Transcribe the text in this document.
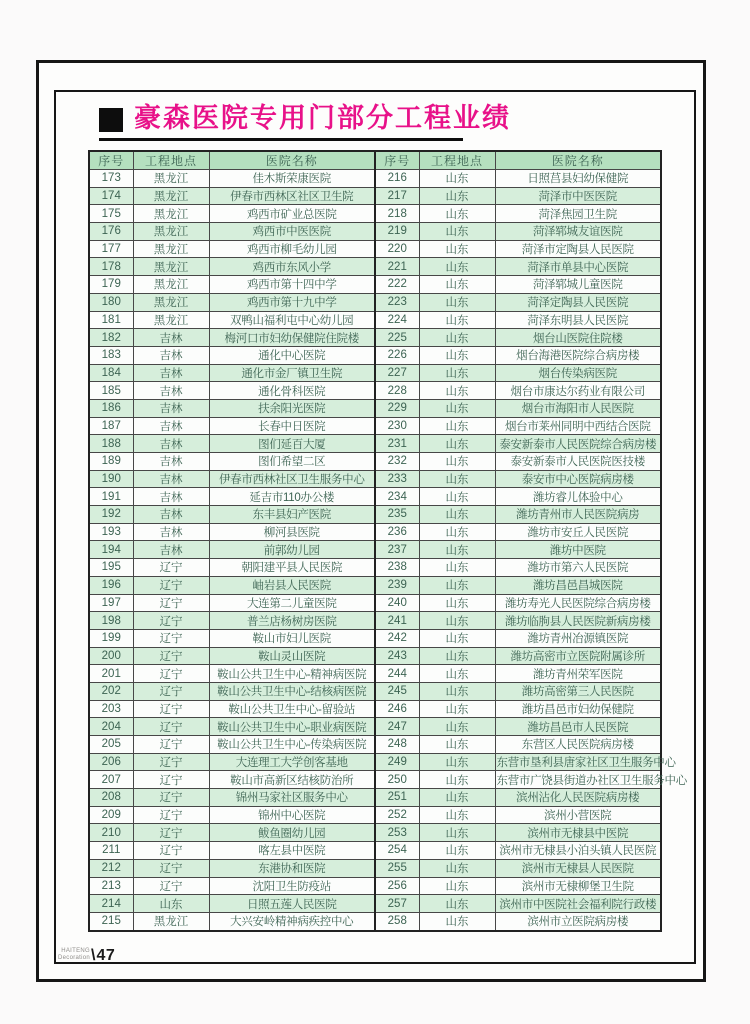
豪森医院专用门部分工程业绩
序号	工程地点	医院名称	序号	工程地点	医院名称
173	黑龙江	佳木斯荣康医院	216	山东	日照莒县妇幼保健院
174	黑龙江	伊春市西林区社区卫生院	217	山东	菏泽市中医医院
175	黑龙江	鸡西市矿业总医院	218	山东	菏泽焦园卫生院
176	黑龙江	鸡西市中医医院	219	山东	菏泽郓城友谊医院
177	黑龙江	鸡西市柳毛幼儿园	220	山东	菏泽市定陶县人民医院
178	黑龙江	鸡西市东风小学	221	山东	菏泽市单县中心医院
179	黑龙江	鸡西市第十四中学	222	山东	菏泽郓城儿童医院
180	黑龙江	鸡西市第十九中学	223	山东	菏泽定陶县人民医院
181	黑龙江	双鸭山福利屯中心幼儿园	224	山东	菏泽东明县人民医院
182	吉林	梅河口市妇幼保健院住院楼	225	山东	烟台山医院住院楼
183	吉林	通化中心医院	226	山东	烟台海港医院综合病房楼
184	吉林	通化市金厂镇卫生院	227	山东	烟台传染病医院
185	吉林	通化骨科医院	228	山东	烟台市康达尔药业有限公司
186	吉林	扶余阳光医院	229	山东	烟台市海阳市人民医院
187	吉林	长春中日医院	230	山东	烟台市莱州同明中西结合医院
188	吉林	图们延百大厦	231	山东	泰安新泰市人民医院综合病房楼
189	吉林	图们希望二区	232	山东	泰安新泰市人民医院医技楼
190	吉林	伊春市西林社区卫生服务中心	233	山东	泰安市中心医院病房楼
191	吉林	延吉市110办公楼	234	山东	潍坊睿儿体验中心
192	吉林	东丰县妇产医院	235	山东	潍坊青州市人民医院病房
193	吉林	柳河县医院	236	山东	潍坊市安丘人民医院
194	吉林	前郭幼儿园	237	山东	潍坊中医院
195	辽宁	朝阳建平县人民医院	238	山东	潍坊市第六人民医院
196	辽宁	岫岩县人民医院	239	山东	潍坊昌邑昌城医院
197	辽宁	大连第二儿童医院	240	山东	潍坊寿光人民医院综合病房楼
198	辽宁	普兰店杨树房医院	241	山东	潍坊临朐县人民医院新病房楼
199	辽宁	鞍山市妇儿医院	242	山东	潍坊青州冶源镇医院
200	辽宁	鞍山灵山医院	243	山东	潍坊高密市立医院附属诊所
201	辽宁	鞍山公共卫生中心-精神病医院	244	山东	潍坊青州荣军医院
202	辽宁	鞍山公共卫生中心-结核病医院	245	山东	潍坊高密第三人民医院
203	辽宁	鞍山公共卫生中心-留验站	246	山东	潍坊昌邑市妇幼保健院
204	辽宁	鞍山公共卫生中心-职业病医院	247	山东	潍坊昌邑市人民医院
205	辽宁	鞍山公共卫生中心-传染病医院	248	山东	东营区人民医院病房楼
206	辽宁	大连理工大学创客基地	249	山东	东营市垦利县唐家社区卫生服务中心
207	辽宁	鞍山市高新区结核防治所	250	山东	东营市广饶县街道办社区卫生服务中心
208	辽宁	锦州马家社区服务中心	251	山东	滨州沾化人民医院病房楼
209	辽宁	锦州中心医院	252	山东	滨州小营医院
210	辽宁	鲅鱼圈幼儿园	253	山东	滨州市无棣县中医院
211	辽宁	喀左县中医院	254	山东	滨州市无棣县小泊头镇人民医院
212	辽宁	东港协和医院	255	山东	滨州市无棣县人民医院
213	辽宁	沈阳卫生防疫站	256	山东	滨州市无棣柳堡卫生院
214	山东	日照五莲人民医院	257	山东	滨州市中医院社会福利院行政楼
215	黑龙江	大兴安岭精神病疾控中心	258	山东	滨州市立医院病房楼
HAITENG
Decoration \ 47
